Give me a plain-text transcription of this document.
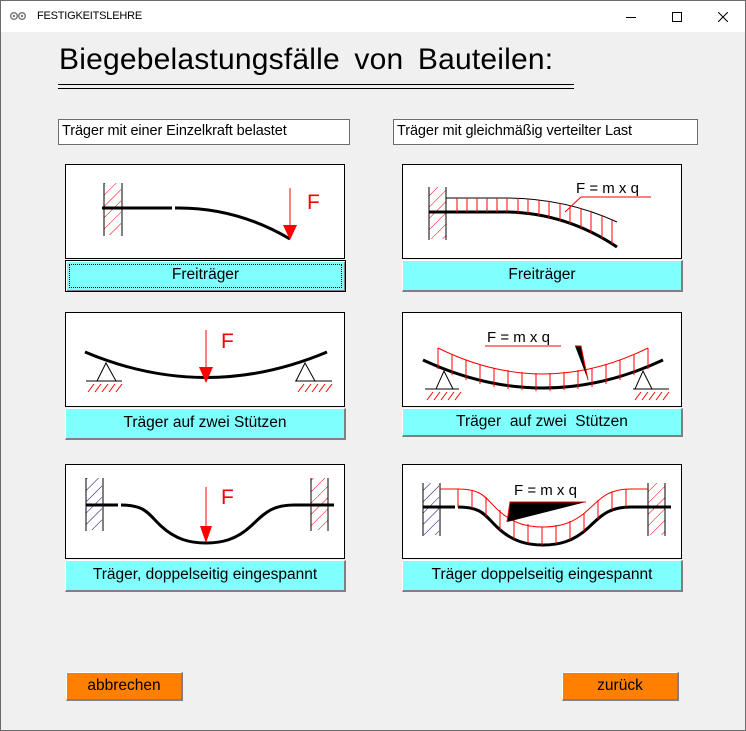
FESTIGKEITSLEHRE
Biegebelastungsfälle von Bauteilen:
Träger mit einer Einzelkraft belastet	Träger mit gleichmäßig verteilter Last
F
Freiträger
F
Träger auf zwei Stützen
F
Träger, doppelseitig eingespannt
F = m x q
Freiträger
F = m x q
Träger  auf zwei  Stützen
F = m x q
Träger doppelseitig eingespannt
abbrechen	zurück
